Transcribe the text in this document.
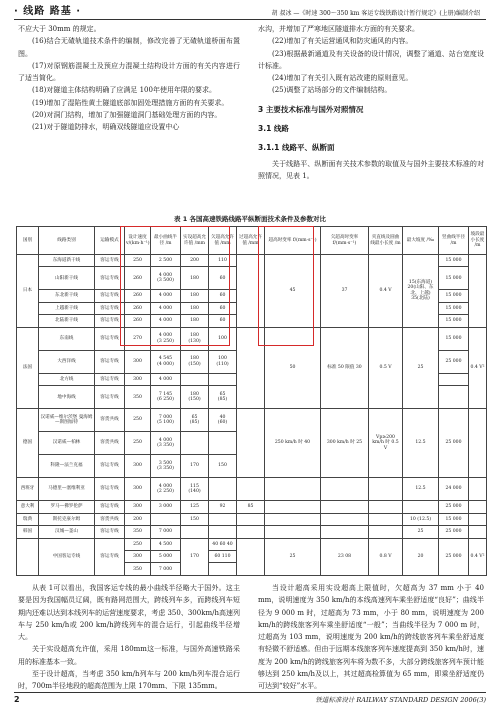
· 线路 路基 ·	胡 叔冰 —《时速 300～350 km 客运专线铁路设计暂行规定》(上册)编制介绍

不应大于 30mm 的规定。

(16)结合无碴轨道技术条件的编制，修改完善了无碴轨道桥面布置图。

(17)对原钢筋混凝土及预应力混凝土结构设计方面的有关内容进行了适当简化。

(18)对隧道主体结构明确了应满足 100年使用年限的要求。

(19)增加了湿陷性黄土隧道底部加固处理措施方面的有关要求。

(20)对洞门结构，增加了加强隧道洞门基础处理方面的内容。

(21)对于隧道防排水，明确双线隧道应设置中心

水沟，并增加了严寒地区隧道排水方面的有关要求。

(22)增加了有关运营通风和防灾通风的内容。

(23)根据最新通道及有关设备的设计情况，调整了通道、站台宽度设计标准。

(24)增加了有关引入既有站改建的原则意见。

(25)调整了站场部分的文件编制结构。

3 主要技术标准与国外对照情况

3.1 线路

3.1.1 线路平、纵断面

关于线路平、纵断面有关技术参数的取值及与国外主要技术标准的对照情况，见表 1。

表 1 各国高速铁路线路平纵断面技术条件及参数对比
国别	线路类别	运输模式	设计速度 v/(km·h⁻¹)	最小曲线半径 /m	实设超高允许值 /mm	欠超高允许值 /mm	过超高允许值 /mm	超高时变率 f/(mm·s⁻¹)	欠超高时变率 f/(mm·s⁻¹)	夹直线及圆曲线最小长度 /m	最大坡度 /‰	竖曲线半径 /m	坡段最小长度 /m
日本	东海道新干线	客运专线	250	2 500	200	110		45	37	0.4 V	15(东海道) 20(山阳、东北、上越) 35(北陆)	15 000	
	山阳新干线	客运专线	260	4 000
(3 500)	180	60						15 000	
	东北新干线	客运专线	260	4 000	180	60						15 000	
	上越新干线	客运专线	260	4 000	180	60						15 000	
	北陆新干线	客运专线	260	4 000	180	60						15 000	
法国	东南线	客运专线	270	4 000
(3 250)	180
(130)	100		50	标准 50 限值 30	0.5 V	25	15 000	0.4 V²
	大西洋线	客运专线	300	4 545
(4 000)	180
(150)	100
(110)						25 000	
	北方线	客运专线	300	4 000									
	地中海线	客运专线	350	7 145
(6 250)	180
(150)	65
(85)							
德国	汉诺威—维尔茨堡 曼海姆—斯图加特	客货共线	250	7 000
(5 100)	65
(85)	40
(60)		250 km/h 时 40	300 km/h 时 25	Vp≥200 km/h 时 0.5 V	12.5	25 000	
	汉诺威—柏林	客货共线	250	4 000
(3 350)									
	科隆—法兰克福	客运专线	300	3 500
(3 350)	170	150							
西班牙	马德里—塞维利亚	客运专线	300	4 000
(2 250)	115
(140)						12.5	24 000	
意大利	罗马—佛罗伦萨	客运专线	300	3 000	125	92	85					25 000	
瑞典	斯托克豪尔姆	客货共线	200		150						10 (12.5)	15 000	
韩国	汉城—釜山	客运专线	350	7 000							25	25 000	
	中国客运专线	客运专线	250	4 500	170	40 60 40		25	23 08	0.8 V	20	25 000	0.4 V²
			300	5 000		60 110							
			350	7 000									

从表 1可以看出，我国客运专线的最小曲线半径略大于国外。这主要是因为我国幅员辽阔，既有路网范围大，跨线列车多，而跨线列车短期内还难以达到本线列车的运营速度要求，考虑 350、300km/h高速列车与 250 km/h或 200 km/h跨线列车的混合运行，引起曲线半径增大。

关于实设超高允许值，采用 180mm这一标准，与国外高速铁路采用的标准基本一致。

至于设计超高，当考虑 350 km/h列车与 200 km/h列车混合运行时，700m半径地段的超高范围为上限 170mm、下限 135mm。

当设计超高采用实设超高上限值时，欠超高为 37 mm 小于 40 mm，说明速度为 350 km/h的本线高速列车乘坐舒适度“良好”；曲线半径为 9 000 m 时，过超高为 73 mm，小于 80 mm，说明速度为 200 km/h的跨线旅客列车乘坐舒适度“一般”；当曲线半径为 7 000 m 时，过超高为 103 mm，说明速度为 200 km/h的跨线旅客列车乘坐舒适度有轻微不舒适感。但由于远期本线旅客列车速度提高到 350 km/h时，速度为 200 km/h的跨线旅客列车将为数不多，大部分跨线旅客列车预计能够达到 250 km/h及以上，其过超高检算值为 65 mm，即乘坐舒适度仍可达到“较好”水平。

2	铁道标准设计 RAILWAY STANDARD DESIGN 2006(3)
